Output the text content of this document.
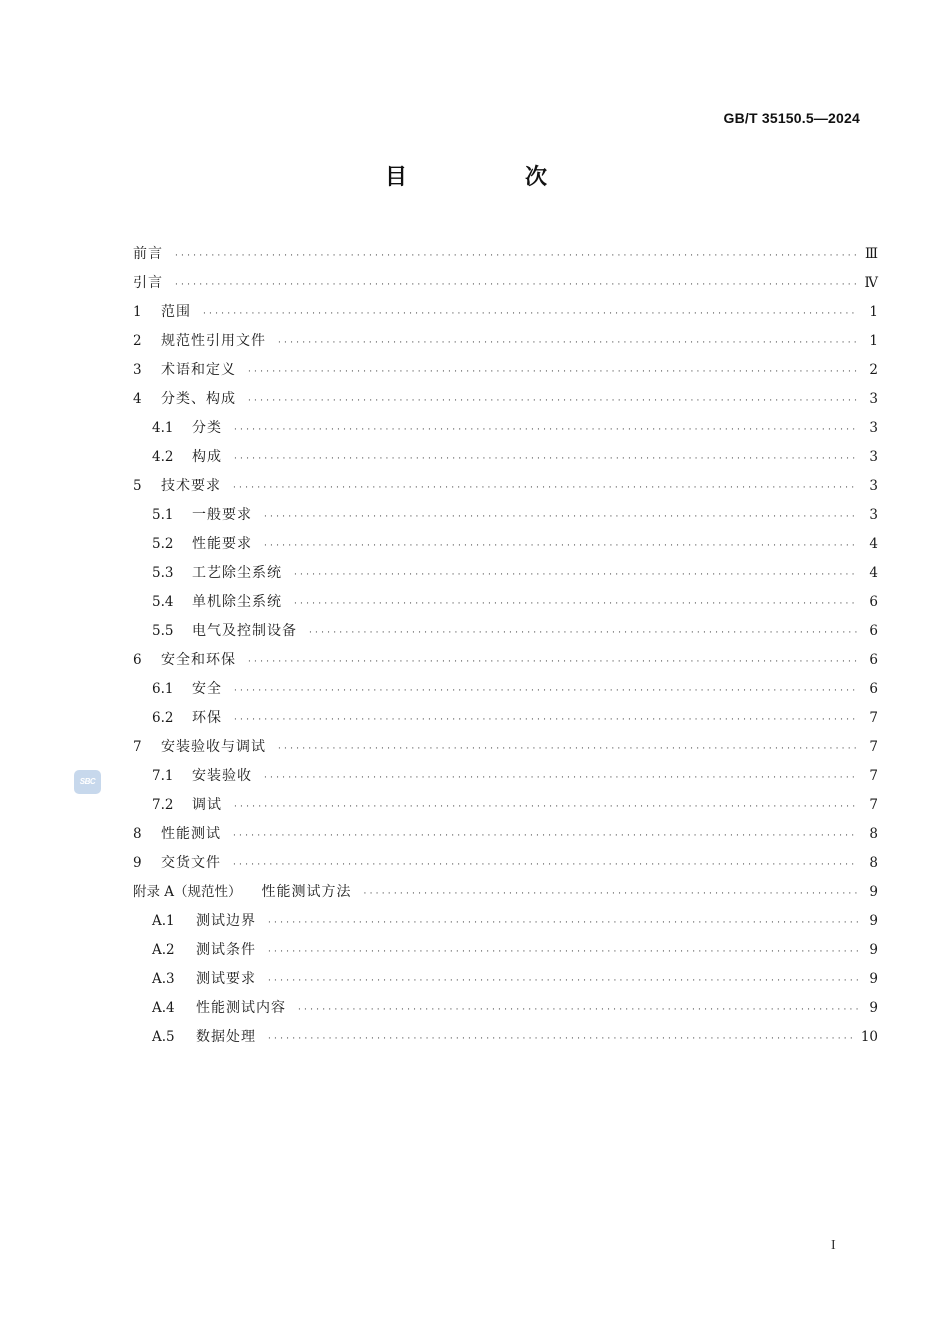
GB/T 35150.5—2024
目　次
前言 ·····	Ⅲ
引言 ·····	Ⅳ
1	范围 ·····	1
2	规范性引用文件 ·····	1
3	术语和定义 ·····	2
4	分类、构成 ·····	3
4.1	分类 ·····	3
4.2	构成 ·····	3
5	技术要求 ·····	3
5.1	一般要求 ·····	3
5.2	性能要求 ·····	4
5.3	工艺除尘系统 ·····	4
5.4	单机除尘系统 ·····	6
5.5	电气及控制设备 ·····	6
6	安全和环保 ·····	6
6.1	安全 ·····	6
6.2	环保 ·····	7
7	安装验收与调试 ·····	7
7.1	安装验收 ·····	7
7.2	调试 ·····	7
8	性能测试 ·····	8
9	交货文件 ·····	8
附录 A（规范性） 性能测试方法 ·····	9
A.1	测试边界 ·····	9
A.2	测试条件 ·····	9
A.3	测试要求 ·····	9
A.4	性能测试内容 ·····	9
A.5	数据处理 ·····	10
SBC
I
